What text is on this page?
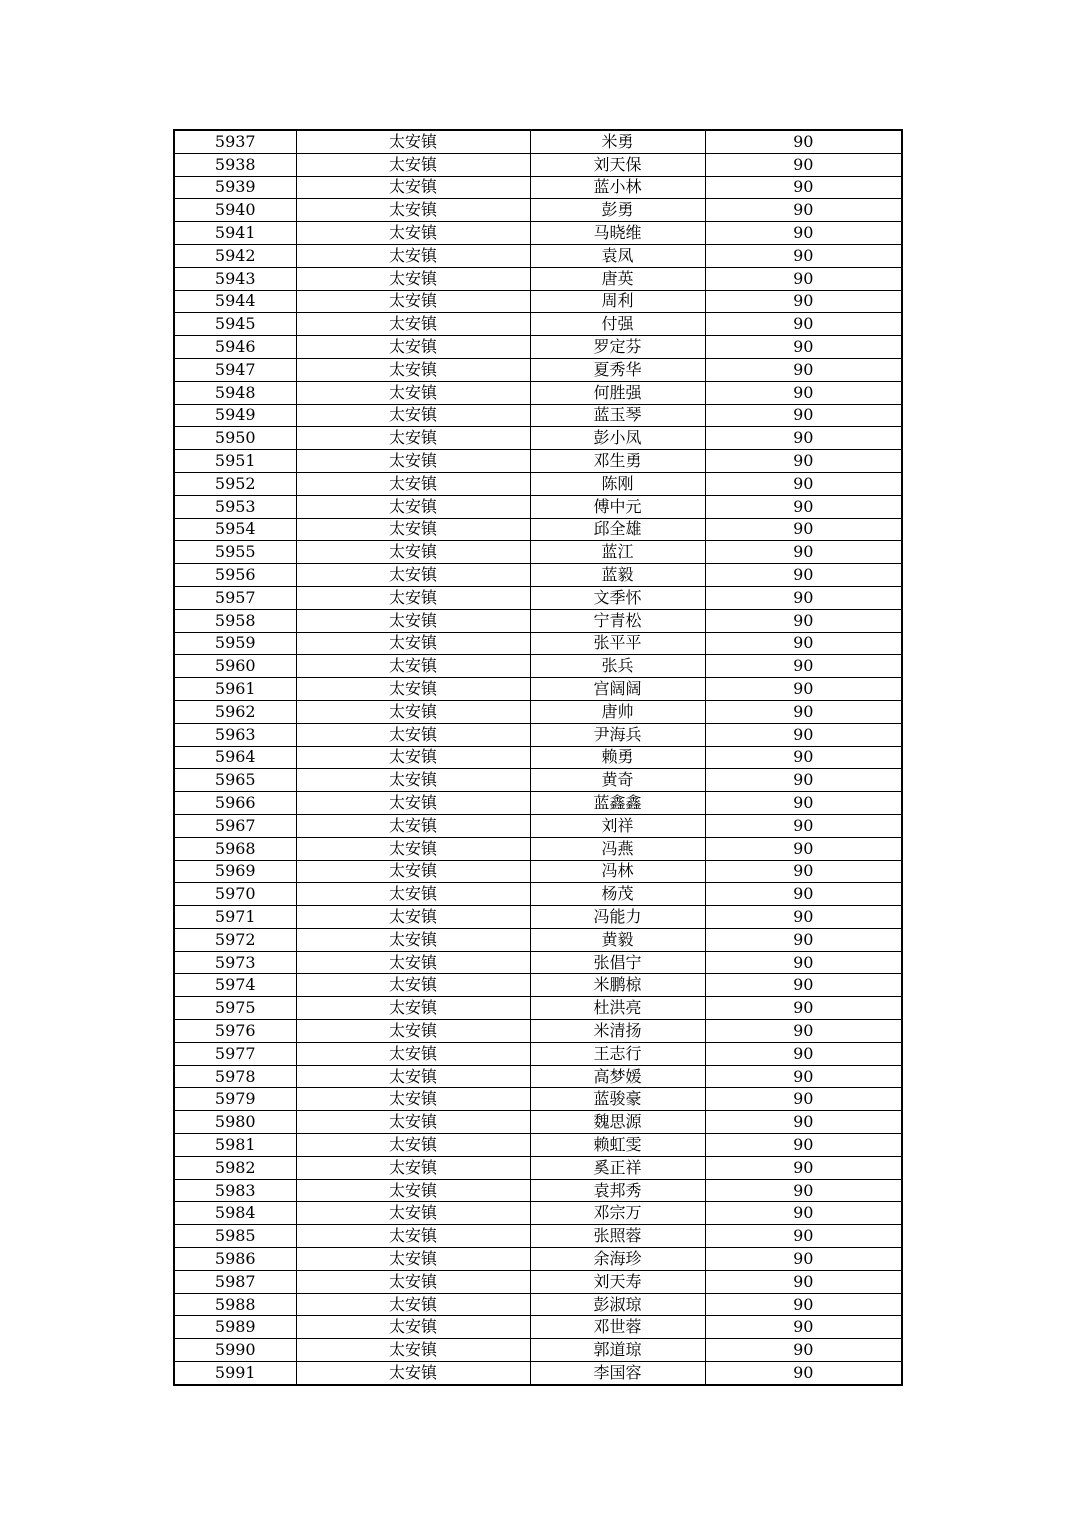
5937	太安镇	米勇	90
5938	太安镇	刘天保	90
5939	太安镇	蓝小林	90
5940	太安镇	彭勇	90
5941	太安镇	马晓维	90
5942	太安镇	袁凤	90
5943	太安镇	唐英	90
5944	太安镇	周利	90
5945	太安镇	付强	90
5946	太安镇	罗定芬	90
5947	太安镇	夏秀华	90
5948	太安镇	何胜强	90
5949	太安镇	蓝玉琴	90
5950	太安镇	彭小凤	90
5951	太安镇	邓生勇	90
5952	太安镇	陈刚	90
5953	太安镇	傅中元	90
5954	太安镇	邱全雄	90
5955	太安镇	蓝江	90
5956	太安镇	蓝毅	90
5957	太安镇	文季怀	90
5958	太安镇	宁青松	90
5959	太安镇	张平平	90
5960	太安镇	张兵	90
5961	太安镇	宫阔阔	90
5962	太安镇	唐帅	90
5963	太安镇	尹海兵	90
5964	太安镇	赖勇	90
5965	太安镇	黄奇	90
5966	太安镇	蓝鑫鑫	90
5967	太安镇	刘祥	90
5968	太安镇	冯燕	90
5969	太安镇	冯林	90
5970	太安镇	杨茂	90
5971	太安镇	冯能力	90
5972	太安镇	黄毅	90
5973	太安镇	张倡宁	90
5974	太安镇	米鹏椋	90
5975	太安镇	杜洪亮	90
5976	太安镇	米清扬	90
5977	太安镇	王志行	90
5978	太安镇	高梦媛	90
5979	太安镇	蓝骏豪	90
5980	太安镇	魏思源	90
5981	太安镇	赖虹雯	90
5982	太安镇	奚正祥	90
5983	太安镇	袁邦秀	90
5984	太安镇	邓宗万	90
5985	太安镇	张照蓉	90
5986	太安镇	余海珍	90
5987	太安镇	刘天寿	90
5988	太安镇	彭淑琼	90
5989	太安镇	邓世蓉	90
5990	太安镇	郭道琼	90
5991	太安镇	李国容	90
